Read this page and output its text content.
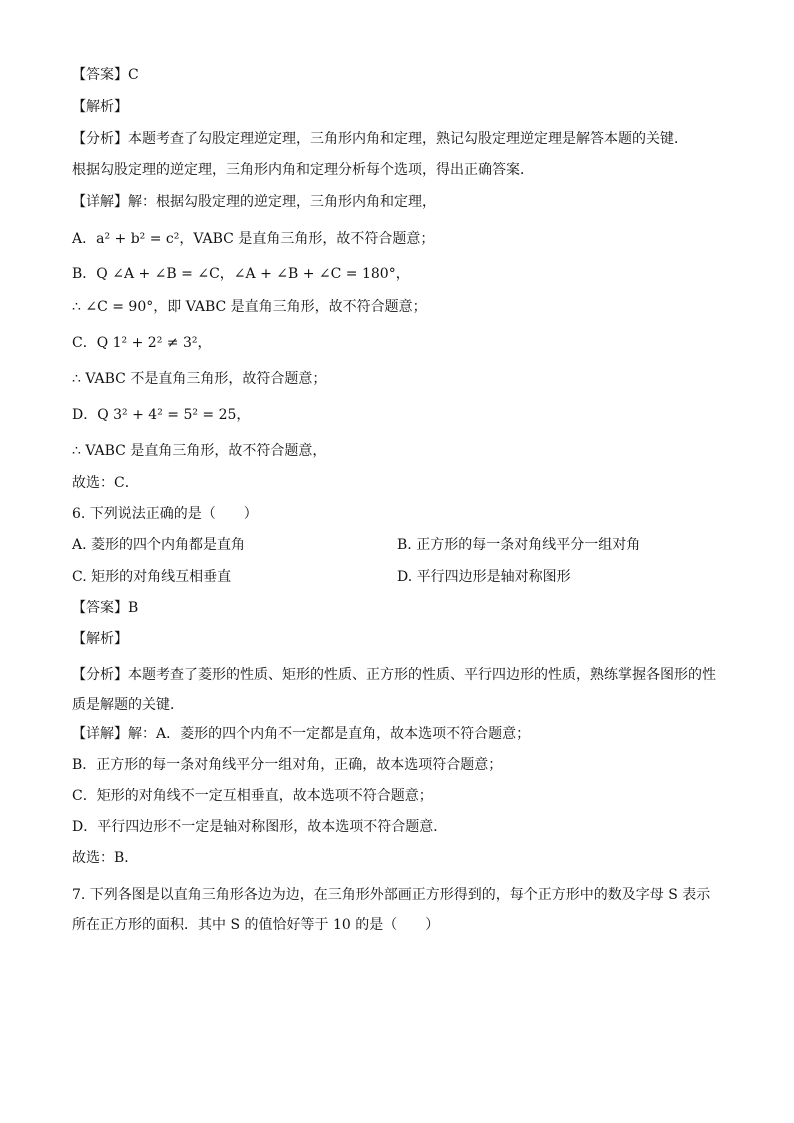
【答案】C
【解析】
【分析】本题考查了勾股定理逆定理，三角形内角和定理，熟记勾股定理逆定理是解答本题的关键．
根据勾股定理的逆定理，三角形内角和定理分析每个选项，得出正确答案．
【详解】解：根据勾股定理的逆定理，三角形内角和定理，
A．a² + b² = c²，VABC 是直角三角形，故不符合题意；
B．Q ∠A + ∠B = ∠C，∠A + ∠B + ∠C = 180°，
∴ ∠C = 90°，即 VABC 是直角三角形，故不符合题意；
C．Q 1² + 2² ≠ 3²，
∴ VABC 不是直角三角形，故符合题意；
D．Q 3² + 4² = 5² = 25，
∴ VABC 是直角三角形，故不符合题意，
故选：C．
6. 下列说法正确的是（　　）
A. 菱形的四个内角都是直角	B. 正方形的每一条对角线平分一组对角
C. 矩形的对角线互相垂直	D. 平行四边形是轴对称图形
【答案】B
【解析】
【分析】本题考查了菱形的性质、矩形的性质、正方形的性质、平行四边形的性质，熟练掌握各图形的性质是解题的关键．
【详解】解：A．菱形的四个内角不一定都是直角，故本选项不符合题意；
B．正方形的每一条对角线平分一组对角，正确，故本选项符合题意；
C．矩形的对角线不一定互相垂直，故本选项不符合题意；
D．平行四边形不一定是轴对称图形，故本选项不符合题意．
故选：B．
7. 下列各图是以直角三角形各边为边，在三角形外部画正方形得到的，每个正方形中的数及字母 S 表示所在正方形的面积．其中 S 的值恰好等于 10 的是（　　）
